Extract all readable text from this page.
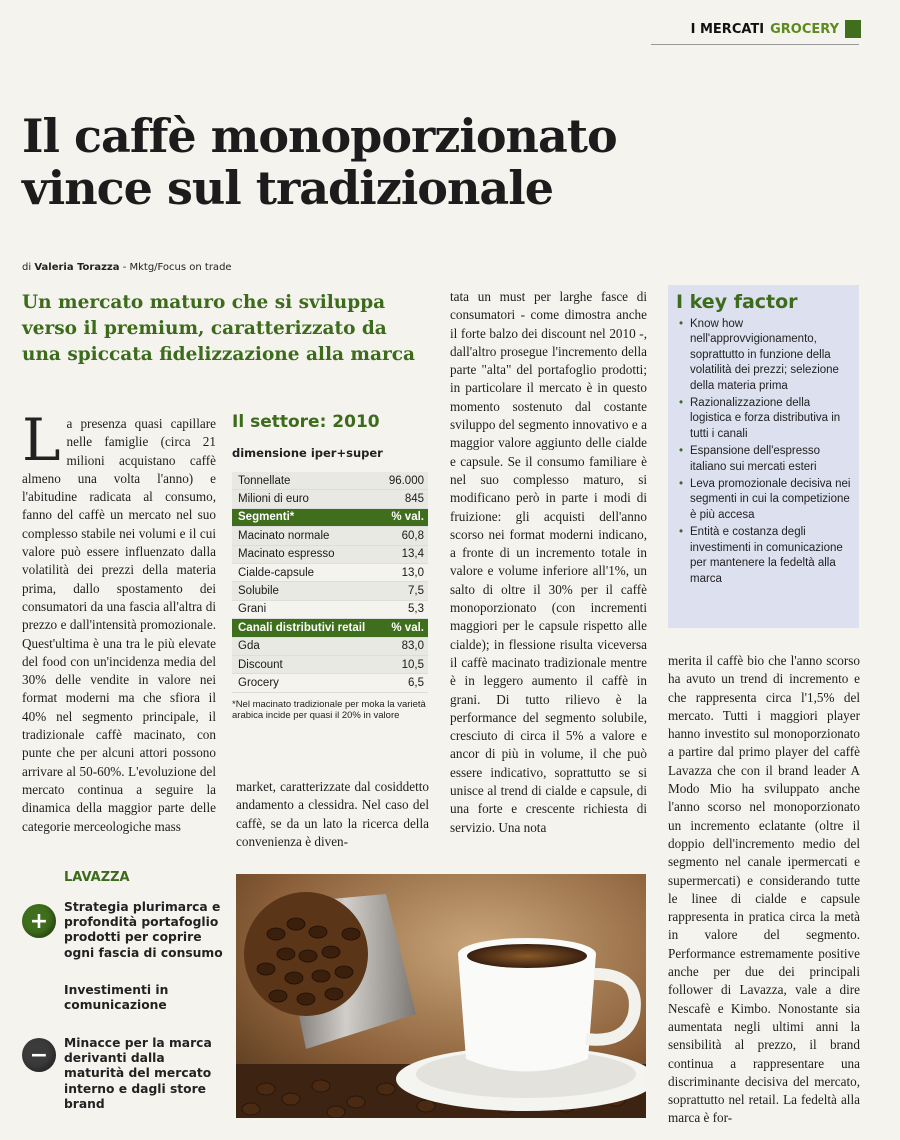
I MERCATI GROCERY
Il caffè monoporzionato vince sul tradizionale
di Valeria Torazza - Mktg/Focus on trade
Un mercato maturo che si sviluppa verso il premium, caratterizzato da una spiccata fidelizzazione alla marca
L a presenza quasi capillare nelle famiglie (circa 21 milioni acquistano caffè almeno una volta l'anno) e l'abitudine radicata al consumo, fanno del caffè un mercato nel suo complesso stabile nei volumi e il cui valore può essere influenzato dalla volatilità dei prezzi della materia prima, dallo spostamento dei consumatori da una fascia all'altra di prezzo e dall'intensità promozionale. Quest'ultima è una tra le più elevate del food con un'incidenza media del 30% delle vendite in valore nei format moderni ma che sfiora il 40% nel segmento principale, il tradizionale caffè macinato, con punte che per alcuni attori possono arrivare al 50-60%. L'evoluzione del mercato continua a seguire la dinamica della maggior parte delle categorie merceologiche mass

market, caratterizzate dal cosiddetto andamento a clessidra. Nel caso del caffè, se da un lato la ricerca della convenienza è diven-

tata un must per larghe fasce di consumatori - come dimostra anche il forte balzo dei discount nel 2010 -, dall'altro prosegue l'incremento della parte "alta" del portafoglio prodotti; in particolare il mercato è in questo momento sostenuto dal costante sviluppo del segmento innovativo e a maggior valore aggiunto delle cialde e capsule. Se il consumo familiare è nel suo complesso maturo, si modificano però in parte i modi di fruizione: gli acquisti dell'anno scorso nei format moderni indicano, a fronte di un incremento totale in valore e volume inferiore all'1%, un salto di oltre il 30% per il caffè monoporzionato (con incrementi maggiori per le capsule rispetto alle cialde); in flessione risulta viceversa il caffè macinato tradizionale mentre è in leggero aumento il caffè in grani. Di tutto rilievo è la performance del segmento solubile, cresciuto di circa il 5% a valore e ancor di più in volume, il che può essere indicativo, soprattutto se si unisce al trend di cialde e capsule, di una forte e crescente richiesta di servizio. Una nota

merita il caffè bio che l'anno scorso ha avuto un trend di incremento e che rappresenta circa l'1,5% del mercato. Tutti i maggiori player hanno investito sul monoporzionato a partire dal primo player del caffè Lavazza che con il brand leader A Modo Mio ha sviluppato anche l'anno scorso nel monoporzionato un incremento eclatante (oltre il doppio dell'incremento medio del segmento nel canale ipermercati e supermercati) e considerando tutte le linee di cialde e capsule rappresenta in pratica circa la metà in valore del segmento. Performance estremamente positive anche per due dei principali follower di Lavazza, vale a dire Nescafè e Kimbo. Nonostante sia aumentata negli ultimi anni la sensibilità al prezzo, il brand continua a rappresentare una discriminante decisiva del mercato, soprattutto nel retail. La fedeltà alla marca è for-

Il settore: 2010
dimensione iper+super
Tonnellate	96.000
Milioni di euro	845
Segmenti*	% val.
Macinato normale	60,8
Macinato espresso	13,4
Cialde-capsule	13,0
Solubile	7,5
Grani	5,3
Canali distributivi retail % val.
Gda	83,0
Discount	10,5
Grocery	6,5
*Nel macinato tradizionale per moka la varietà arabica incide per quasi il 20% in valore
I key factor
• Know how nell'approvvigionamento, soprattutto in funzione della volatilità dei prezzi; selezione della materia prima
• Razionalizzazione della logistica e forza distributiva in tutti i canali
• Espansione dell'espresso italiano sui mercati esteri
• Leva promozionale decisiva nei segmenti in cui la competizione è più accesa
• Entità e costanza degli investimenti in comunicazione per mantenere la fedeltà alla marca
LAVAZZA
+
Strategia plurimarca e profondità portafoglio prodotti per coprire ogni fascia di consumo
Investimenti in comunicazione
−	Minacce per la marca derivanti dalla maturità del mercato interno e dagli store brand
